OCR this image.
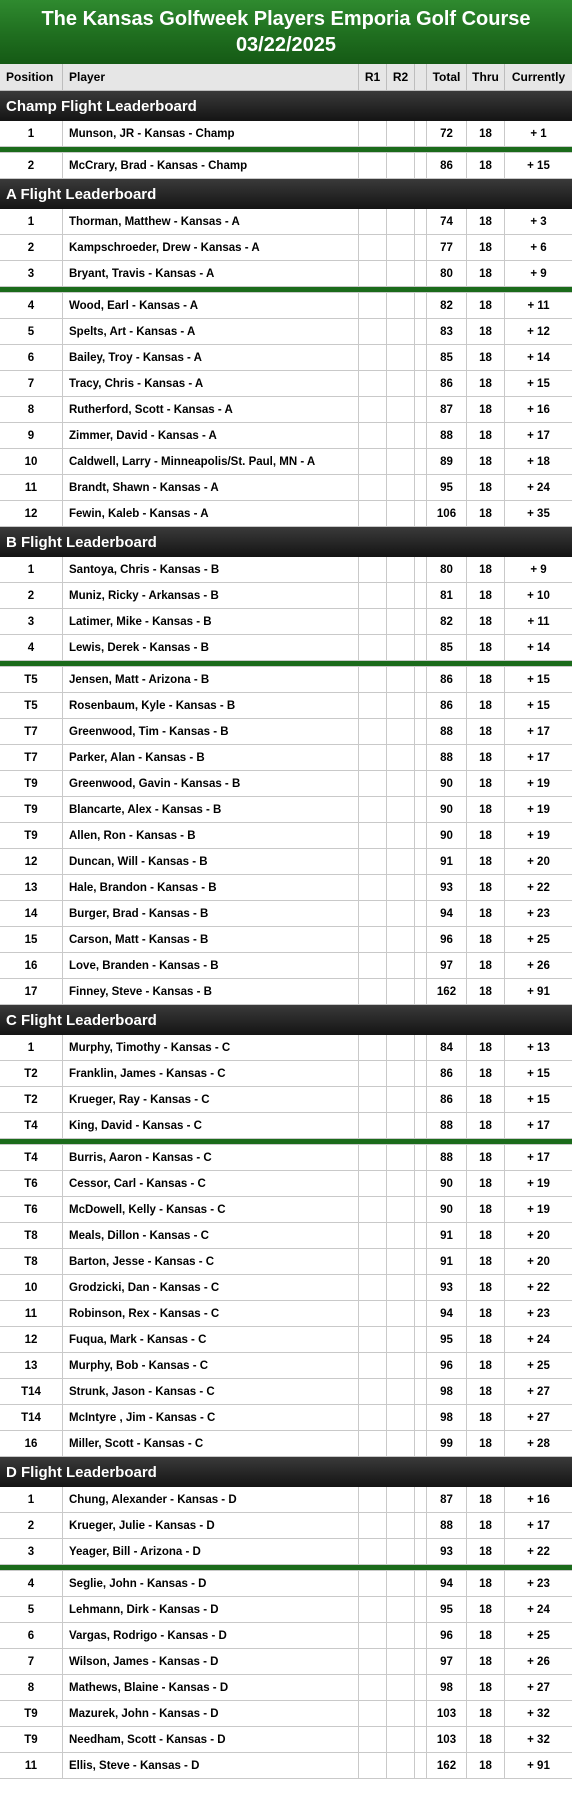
The Kansas Golfweek Players Emporia Golf Course
03/22/2025
Position	Player	R1	R2	Total Thru	Currently
Champ Flight Leaderboard
1	Munson, JR - Kansas - Champ	72	18	+ 1
2	McCrary, Brad - Kansas - Champ	86	18	+ 15
A Flight Leaderboard
1	Thorman, Matthew - Kansas - A	74	18	+ 3
2	Kampschroeder, Drew - Kansas - A	77	18	+ 6
3	Bryant, Travis - Kansas - A	80	18	+ 9
4	Wood, Earl - Kansas - A	82	18	+ 11
5	Spelts, Art - Kansas - A	83	18	+ 12
6	Bailey, Troy - Kansas - A	85	18	+ 14
7	Tracy, Chris - Kansas - A	86	18	+ 15
8	Rutherford, Scott - Kansas - A	87	18	+ 16
9	Zimmer, David - Kansas - A	88	18	+ 17
10	Caldwell, Larry - Minneapolis/St. Paul, MN - A	89	18	+ 18
11	Brandt, Shawn - Kansas - A	95	18	+ 24
12	Fewin, Kaleb - Kansas - A	106	18	+ 35
B Flight Leaderboard
1	Santoya, Chris - Kansas - B	80	18	+ 9
2	Muniz, Ricky - Arkansas - B	81	18	+ 10
3	Latimer, Mike - Kansas - B	82	18	+ 11
4	Lewis, Derek - Kansas - B	85	18	+ 14
T5	Jensen, Matt - Arizona - B	86	18	+ 15
T5	Rosenbaum, Kyle - Kansas - B	86	18	+ 15
T7	Greenwood, Tim - Kansas - B	88	18	+ 17
T7	Parker, Alan - Kansas - B	88	18	+ 17
T9	Greenwood, Gavin - Kansas - B	90	18	+ 19
T9	Blancarte, Alex - Kansas - B	90	18	+ 19
T9	Allen, Ron - Kansas - B	90	18	+ 19
12	Duncan, Will - Kansas - B	91	18	+ 20
13	Hale, Brandon - Kansas - B	93	18	+ 22
14	Burger, Brad - Kansas - B	94	18	+ 23
15	Carson, Matt - Kansas - B	96	18	+ 25
16	Love, Branden - Kansas - B	97	18	+ 26
17	Finney, Steve - Kansas - B	162	18	+ 91
C Flight Leaderboard
1	Murphy, Timothy - Kansas - C	84	18	+ 13
T2	Franklin, James - Kansas - C	86	18	+ 15
T2	Krueger, Ray - Kansas - C	86	18	+ 15
T4	King, David - Kansas - C	88	18	+ 17
T4	Burris, Aaron - Kansas - C	88	18	+ 17
T6	Cessor, Carl - Kansas - C	90	18	+ 19
T6	McDowell, Kelly - Kansas - C	90	18	+ 19
T8	Meals, Dillon - Kansas - C	91	18	+ 20
T8	Barton, Jesse - Kansas - C	91	18	+ 20
10	Grodzicki, Dan - Kansas - C	93	18	+ 22
11	Robinson, Rex - Kansas - C	94	18	+ 23
12	Fuqua, Mark - Kansas - C	95	18	+ 24
13	Murphy, Bob - Kansas - C	96	18	+ 25
T14	Strunk, Jason - Kansas - C	98	18	+ 27
T14	McIntyre , Jim - Kansas - C	98	18	+ 27
16	Miller, Scott - Kansas - C	99	18	+ 28
D Flight Leaderboard
1	Chung, Alexander - Kansas - D	87	18	+ 16
2	Krueger, Julie - Kansas - D	88	18	+ 17
3	Yeager, Bill - Arizona - D	93	18	+ 22
4	Seglie, John - Kansas - D	94	18	+ 23
5	Lehmann, Dirk - Kansas - D	95	18	+ 24
6	Vargas, Rodrigo - Kansas - D	96	18	+ 25
7	Wilson, James - Kansas - D	97	18	+ 26
8	Mathews, Blaine - Kansas - D	98	18	+ 27
T9	Mazurek, John - Kansas - D	103	18	+ 32
T9	Needham, Scott - Kansas - D	103	18	+ 32
11	Ellis, Steve - Kansas - D	162	18	+ 91
